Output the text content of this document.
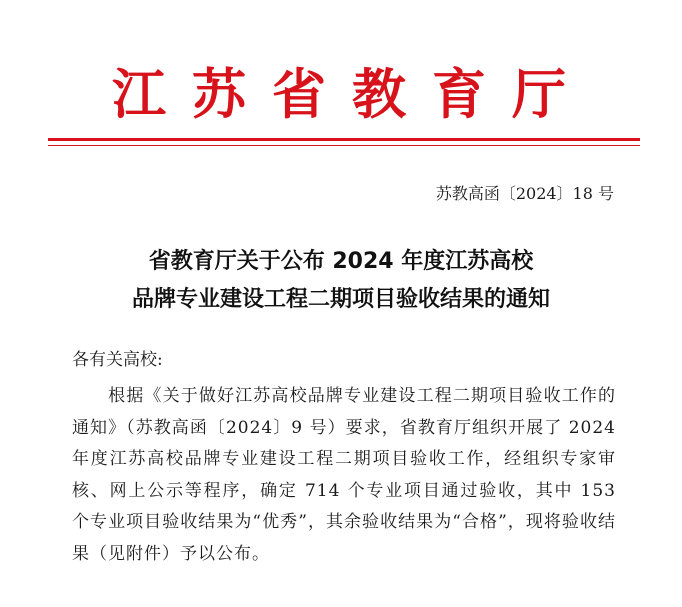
江苏省教育厅
苏教高函〔2024〕18 号
省教育厅关于公布 2024 年度江苏高校
品牌专业建设工程二期项目验收结果的通知
各有关高校:
根据《关于做好江苏高校品牌专业建设工程二期项目验收工作的通知》（苏教高函〔2024〕9 号）要求，省教育厅组织开展了 2024 年度江苏高校品牌专业建设工程二期项目验收工作，经组织专家审核、网上公示等程序，确定 714 个专业项目通过验收，其中 153 个专业项目验收结果为“优秀”，其余验收结果为“合格”，现将验收结果（见附件）予以公布。
